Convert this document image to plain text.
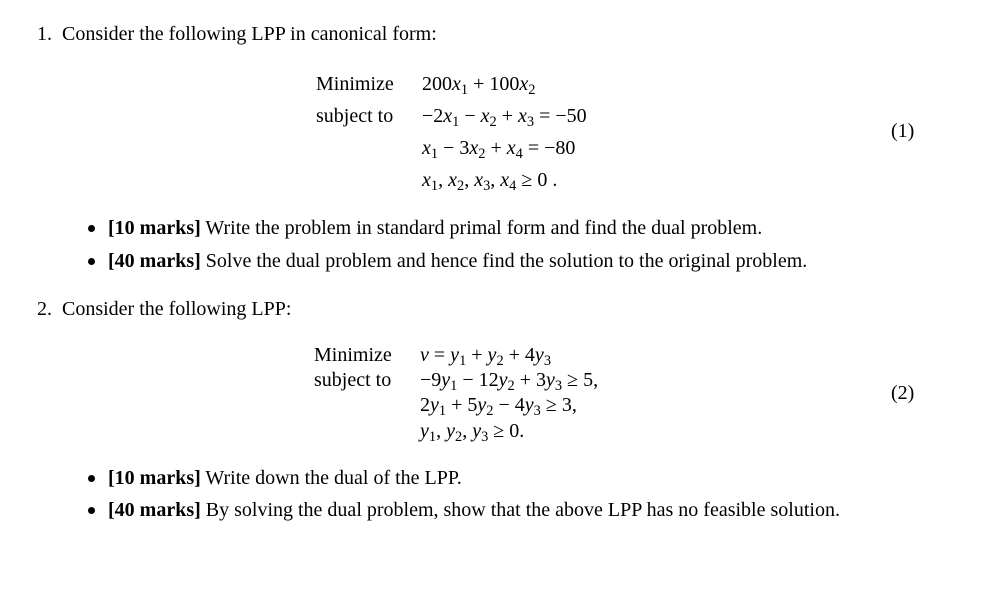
1. Consider the following LPP in canonical form:
Minimize
subject to
$200x_1 + 100x_2$
$-2x_1 - x_2 + x_3 = -50$
$x_1 - 3x_2 + x_4 = -80$
$x_1$, $x_2$, $x_3$, $x_4 \ge 0$ .
(1)
[10 marks] Write the problem in standard primal form and find the dual problem.
[40 marks] Solve the dual problem and hence find the solution to the original problem.
2. Consider the following LPP:
Minimize
subject to
$v = y_1 + y_2 + 4y_3$
$-9y_1 - 12y_2 + 3y_3 \ge 5$,
$2y_1 + 5y_2 - 4y_3 \ge 3$,
$y_1$, $y_2$, $y_3 \ge 0$.
(2)
[10 marks] Write down the dual of the LPP.
[40 marks] By solving the dual problem, show that the above LPP has no feasible solution.
